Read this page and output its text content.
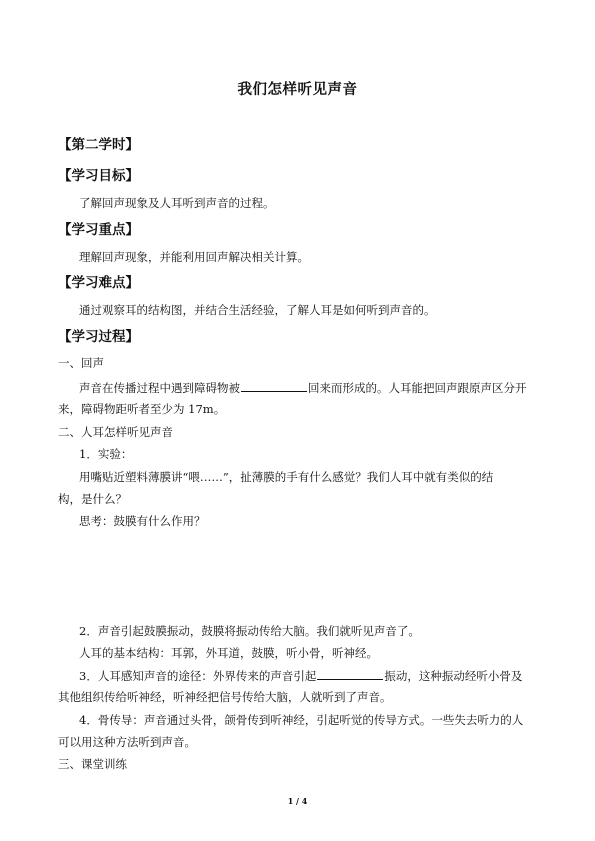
我们怎样听见声音
【第二学时】
【学习目标】
了解回声现象及人耳听到声音的过程。
【学习重点】
理解回声现象，并能利用回声解决相关计算。
【学习难点】
通过观察耳的结构图，并结合生活经验，了解人耳是如何听到声音的。
【学习过程】
一、回声
声音在传播过程中遇到障碍物被	回来而形成的。人耳能把回声跟原声区分开
来，障碍物距听者至少为 17m。
二、人耳怎样听见声音
1．实验：
用嘴贴近塑料薄膜讲“喂……”，扯薄膜的手有什么感觉？我们人耳中就有类似的结
构，是什么？
思考：鼓膜有什么作用？
2．声音引起鼓膜振动，鼓膜将振动传给大脑。我们就听见声音了。
人耳的基本结构：耳郭，外耳道，鼓膜，听小骨，听神经。
3．人耳感知声音的途径：外界传来的声音引起	振动，这种振动经听小骨及
其他组织传给听神经，听神经把信号传给大脑，人就听到了声音。
4．骨传导：声音通过头骨，颌骨传到听神经，引起听觉的传导方式。一些失去听力的人
可以用这种方法听到声音。
三、课堂训练
1 / 4
